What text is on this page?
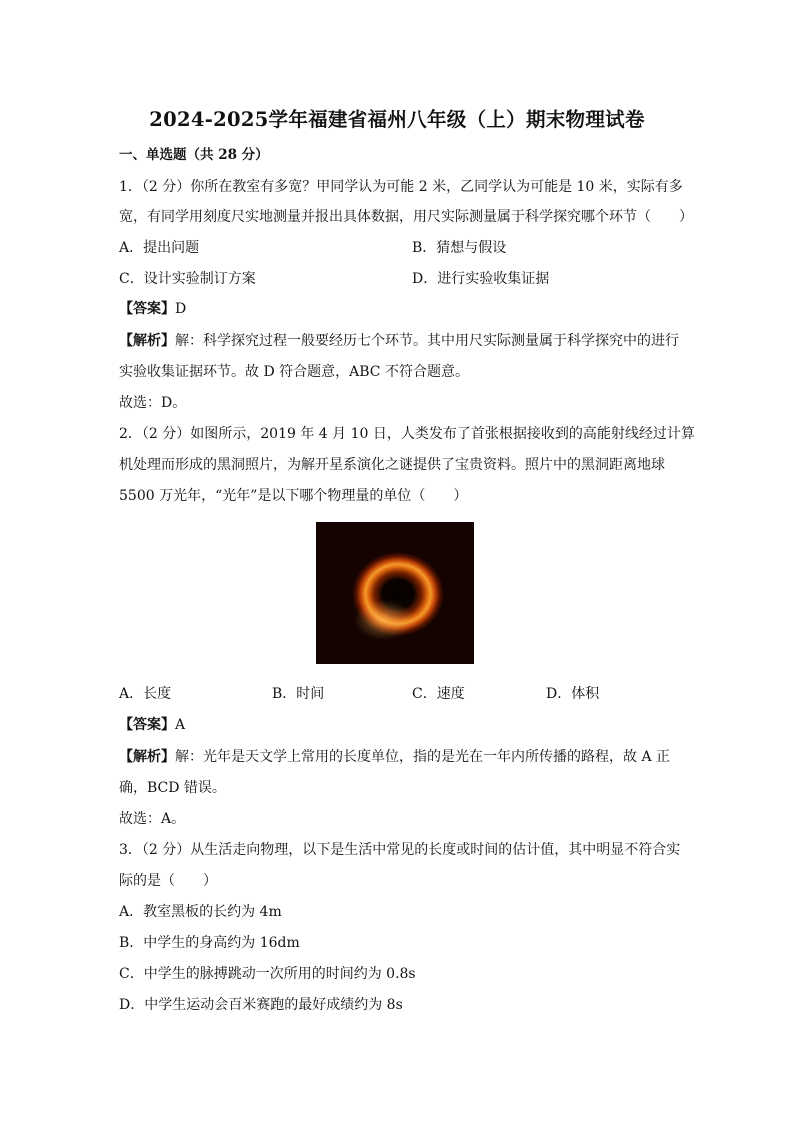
2024-2025学年福建省福州八年级（上）期末物理试卷
一、单选题（共 28 分）
1．（2 分）你所在教室有多宽？甲同学认为可能 2 米，乙同学认为可能是 10 米，实际有多
宽，有同学用刻度尺实地测量并报出具体数据，用尺实际测量属于科学探究哪个环节（　　）
A．提出问题	B．猜想与假设
C．设计实验制订方案	D．进行实验收集证据
【答案】D
【解析】解：科学探究过程一般要经历七个环节。其中用尺实际测量属于科学探究中的进行
实验收集证据环节。故 D 符合题意，ABC 不符合题意。
故选：D。
2．（2 分）如图所示，2019 年 4 月 10 日，人类发布了首张根据接收到的高能射线经过计算
机处理而形成的黑洞照片，为解开星系演化之谜提供了宝贵资料。照片中的黑洞距离地球
5500 万光年，“光年”是以下哪个物理量的单位（　　）
A．长度	B．时间	C．速度	D．体积
【答案】A
【解析】解：光年是天文学上常用的长度单位，指的是光在一年内所传播的路程，故 A 正
确，BCD 错误。
故选：A。
3．（2 分）从生活走向物理，以下是生活中常见的长度或时间的估计值，其中明显不符合实
际的是（　　）
A．教室黑板的长约为 4m
B．中学生的身高约为 16dm
C．中学生的脉搏跳动一次所用的时间约为 0.8s
D．中学生运动会百米赛跑的最好成绩约为 8s
